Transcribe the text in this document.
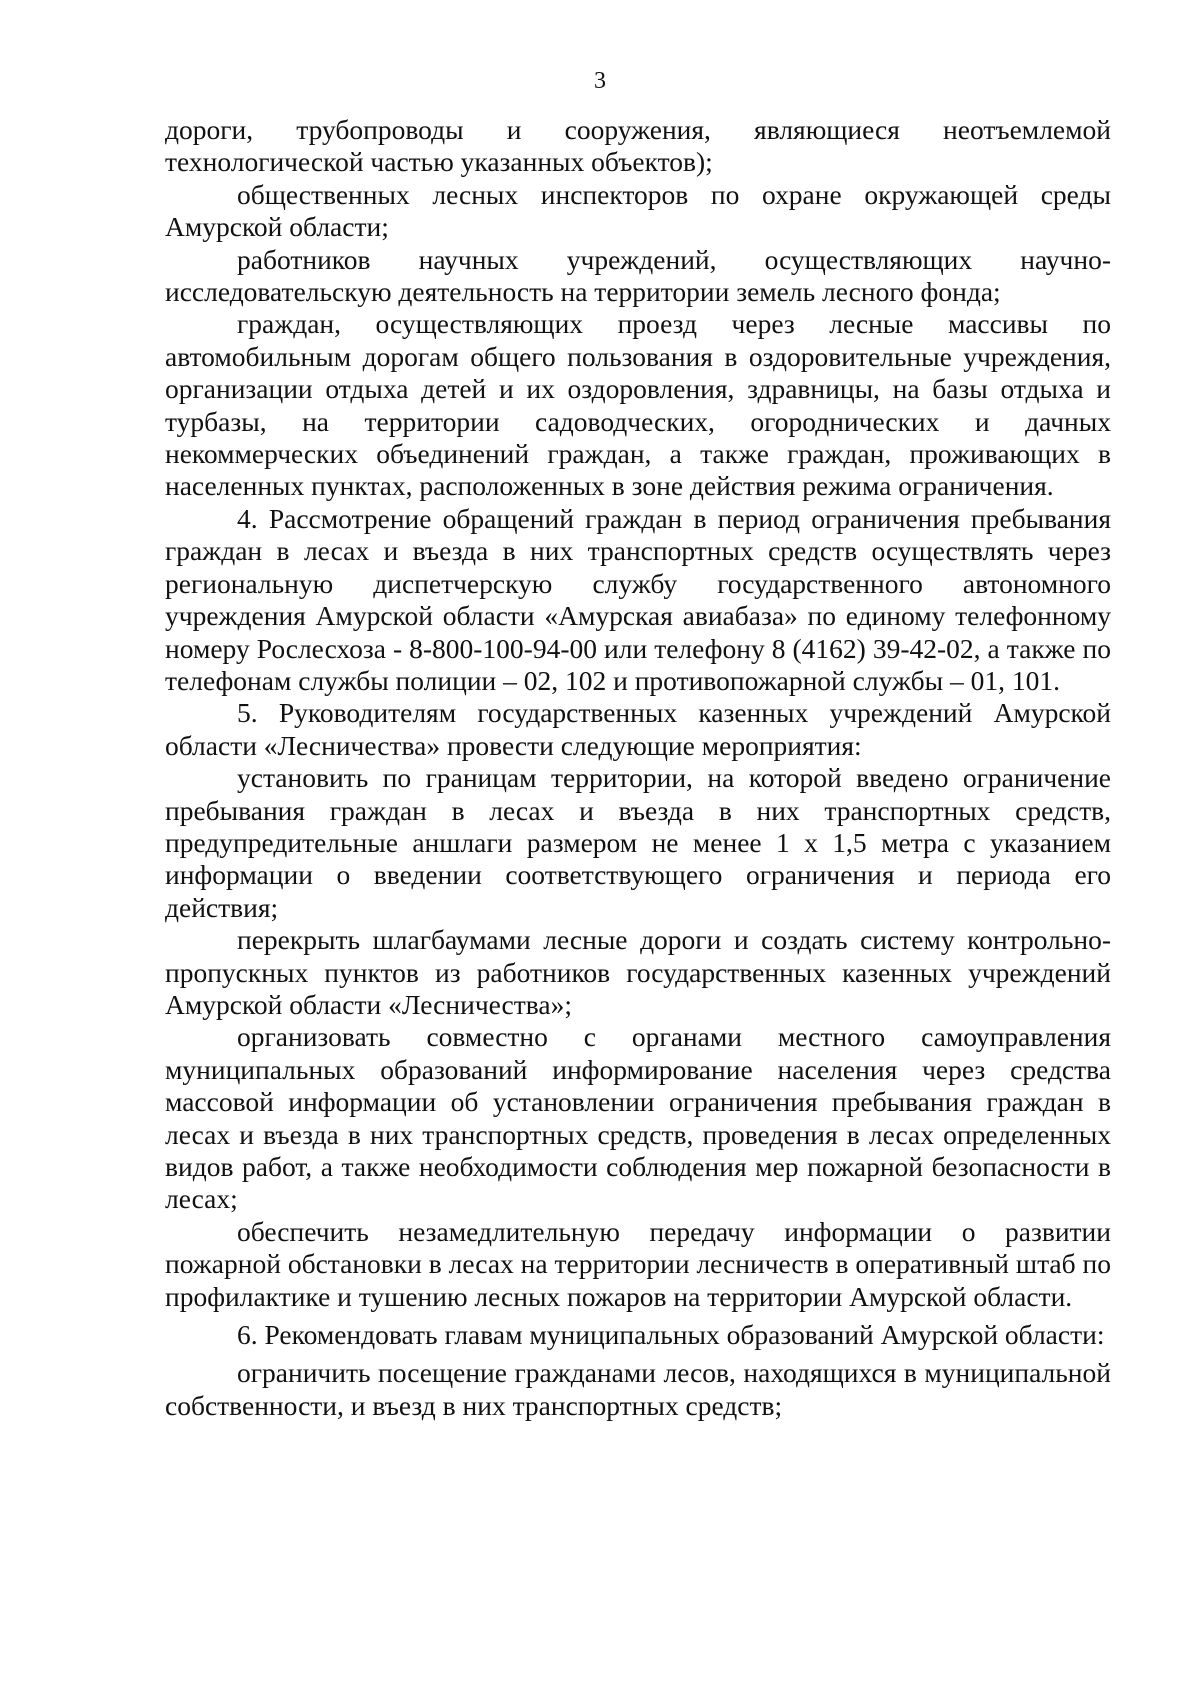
3

дороги, трубопроводы и сооружения, являющиеся неотъемлемой технологической частью указанных объектов);

общественных лесных инспекторов по охране окружающей среды Амурской области;

работников научных учреждений, осуществляющих научно-исследовательскую деятельность на территории земель лесного фонда;

граждан, осуществляющих проезд через лесные массивы по автомобильным дорогам общего пользования в оздоровительные учреждения, организации отдыха детей и их оздоровления, здравницы, на базы отдыха и турбазы, на территории садоводческих, огороднических и дачных некоммерческих объединений граждан, а также граждан, проживающих в населенных пунктах, расположенных в зоне действия режима ограничения.

4. Рассмотрение обращений граждан в период ограничения пребывания граждан в лесах и въезда в них транспортных средств осуществлять через региональную диспетчерскую службу государственного автономного учреждения Амурской области «Амурская авиабаза» по единому телефонному номеру Рослесхоза - 8-800-100-94-00 или телефону 8 (4162) 39-42-02, а также по телефонам службы полиции – 02, 102 и противопожарной службы – 01, 101.

5. Руководителям государственных казенных учреждений Амурской области «Лесничества» провести следующие мероприятия:

установить по границам территории, на которой введено ограничение пребывания граждан в лесах и въезда в них транспортных средств, предупредительные аншлаги размером не менее 1 х 1,5 метра с указанием информации о введении соответствующего ограничения и периода его действия;

перекрыть шлагбаумами лесные дороги и создать систему контрольно-пропускных пунктов из работников государственных казенных учреждений Амурской области «Лесничества»;

организовать совместно с органами местного самоуправления муниципальных образований информирование населения через средства массовой информации об установлении ограничения пребывания граждан в лесах и въезда в них транспортных средств, проведения в лесах определенных видов работ, а также необходимости соблюдения мер пожарной безопасности в лесах;

обеспечить незамедлительную передачу информации о развитии пожарной обстановки в лесах на территории лесничеств в оперативный штаб по профилактике и тушению лесных пожаров на территории Амурской области.

6. Рекомендовать главам муниципальных образований Амурской области:

ограничить посещение гражданами лесов, находящихся в муниципальной собственности, и въезд в них транспортных средств;
